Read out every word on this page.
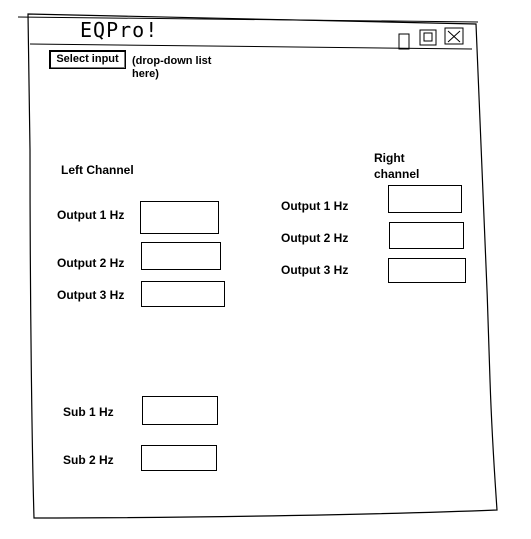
EQPro!
Select input	(drop-down list here)
Left Channel
Output 1 Hz
Output 2 Hz
Output 3 Hz
Right channel
Output 1 Hz
Output 2 Hz
Output 3 Hz
Sub 1 Hz
Sub 2 Hz
